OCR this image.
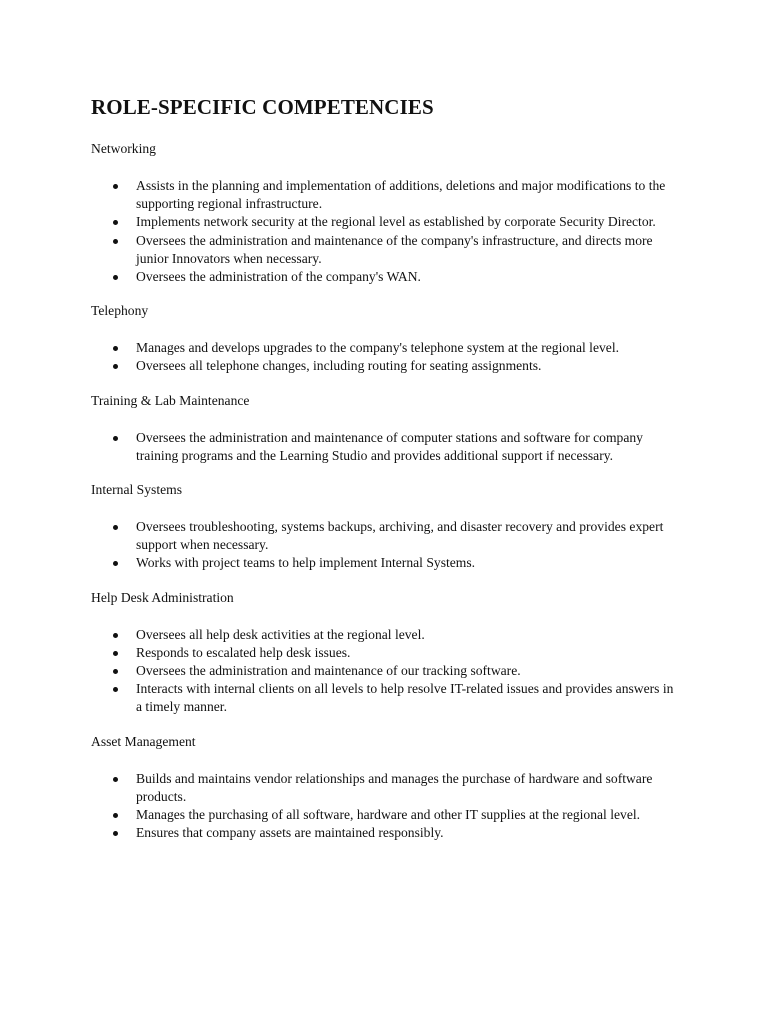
ROLE-SPECIFIC COMPETENCIES
Networking
Assists in the planning and implementation of additions, deletions and major modifications to the supporting regional infrastructure.
Implements network security at the regional level as established by corporate Security Director.
Oversees the administration and maintenance of the company's infrastructure, and directs more junior Innovators when necessary.
Oversees the administration of the company's WAN.
Telephony
Manages and develops upgrades to the company's telephone system at the regional level.
Oversees all telephone changes, including routing for seating assignments.
Training & Lab Maintenance
Oversees the administration and maintenance of computer stations and software for company training programs and the Learning Studio and provides additional support if necessary.
Internal Systems
Oversees troubleshooting, systems backups, archiving, and disaster recovery and provides expert support when necessary.
Works with project teams to help implement Internal Systems.
Help Desk Administration
Oversees all help desk activities at the regional level.
Responds to escalated help desk issues.
Oversees the administration and maintenance of our tracking software.
Interacts with internal clients on all levels to help resolve IT-related issues and provides answers in a timely manner.
Asset Management
Builds and maintains vendor relationships and manages the purchase of hardware and software products.
Manages the purchasing of all software, hardware and other IT supplies at the regional level.
Ensures that company assets are maintained responsibly.
